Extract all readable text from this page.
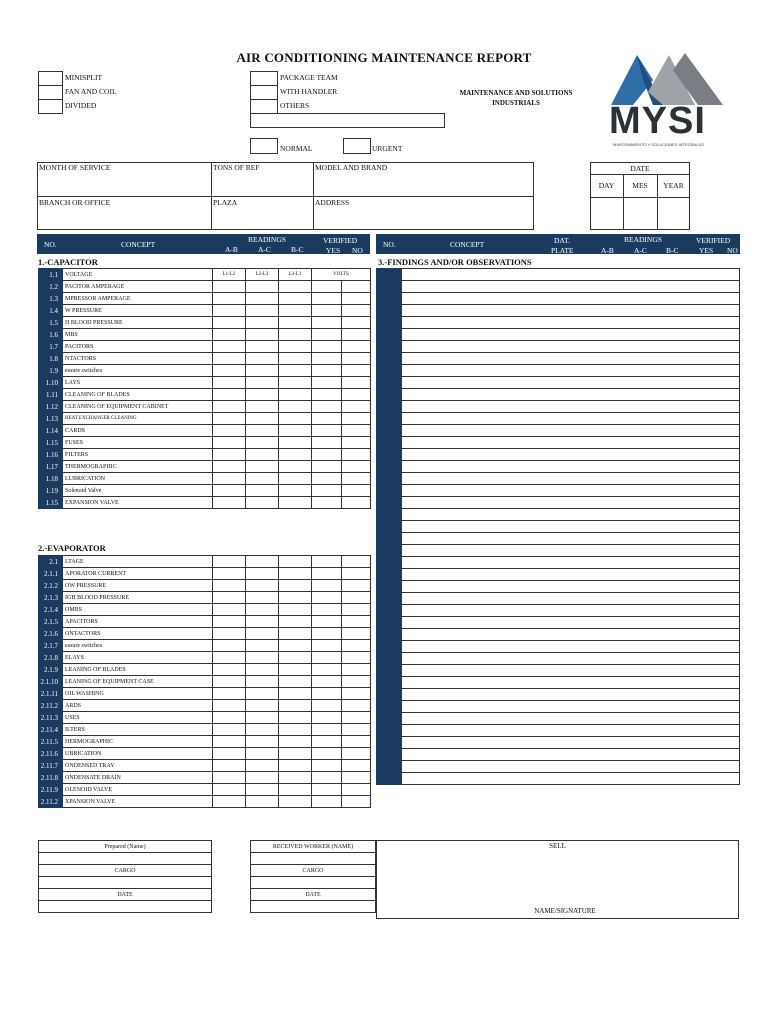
AIR CONDITIONING MAINTENANCE REPORT
MINISPLIT
FAN AND COIL
DIVIDED
PACKAGE TEAM
WITH HANDLER
OTHERS
NORMAL	URGENT
MAINTENANCE AND SOLUTIONS
INDUSTRIALS	MYSI
MANTENIMIENTO Y SOLUCIONES INTEGRALES
MONTH OF SERVICE	TONS OF REF	MODEL AND BRAND
BRANCH OR OFFICE	PLAZA	ADDRESS
DATE
DAY	MES	YEAR
NO.	CONCEPT
READINGS
A-B	A-C	B-C
VERIFIED
YES NO
NO.	CONCEPT	DAT.
PLATE
READINGS
A-B	A-C	B-C
VERIFIED
YES NO
1.-CAPACITOR	3.-FINDINGS AND/OR OBSERVATIONS
1.1	VOLTAGE	L1-L2	L2-L3	L3-L1	VOLTS	
1.2	PACITOR AMPERAGE					
1.3	MPRESSOR AMPERAGE					
1.4	W PRESSURE					
1.5	H BLOOD PRESSURE					
1.6	MBS					
1.7	PACITORS					
1.8	NTACTORS					
1.9	essure switches					
1.10	LAYS					
1.11	CLEANING OF BLADES					
1.12	CLEANING OF EQUIPMENT CABINET					
1.13	HEAT EXCHANGER CLEANING					
1.14	CARDS					
1.15	FUSES					
1.16	FILTERS					
1.17	THERMOGRAPHIC					
1.18	LUBRICATION					
1.19	Solenoid Valve					
1.15	EXPANSION VALVE					
2.-EVAPORATOR
2.1	LTAGE					
2.1.1	APORATOR CURRENT					
2.1.2	OW PRESSURE					
2.1.3	IGH BLOOD PRESSURE					
2.1.4	OMBS					
2.1.5	APACITORS					
2.1.6	ONTACTORS					
2.1.7	essure switches					
2.1.8	ELAYS					
2.1.9	LEANING OF BLADES					
2.1.10	LEANING OF EQUIPMENT CASE					
2.1.11	OIL WASHING					
2.11.2	ARDS					
2.11.3	USES					
2.11.4	ILTERS					
2.11.5	HERMOGRAPHIC					
2.11.6	UBRICATION					
2.11.7	ONDENSED TRAY					
2.11.8	ONDENSATE DRAIN					
2.11.9	OLENOID VALVE					
2.11.2	XPANSION VALVE					

Prepared (Name)

CARGO

DATE

RECEIVED WORKER (NAME)

CARGO

DATE

SELL
NAME/SIGNATURE
